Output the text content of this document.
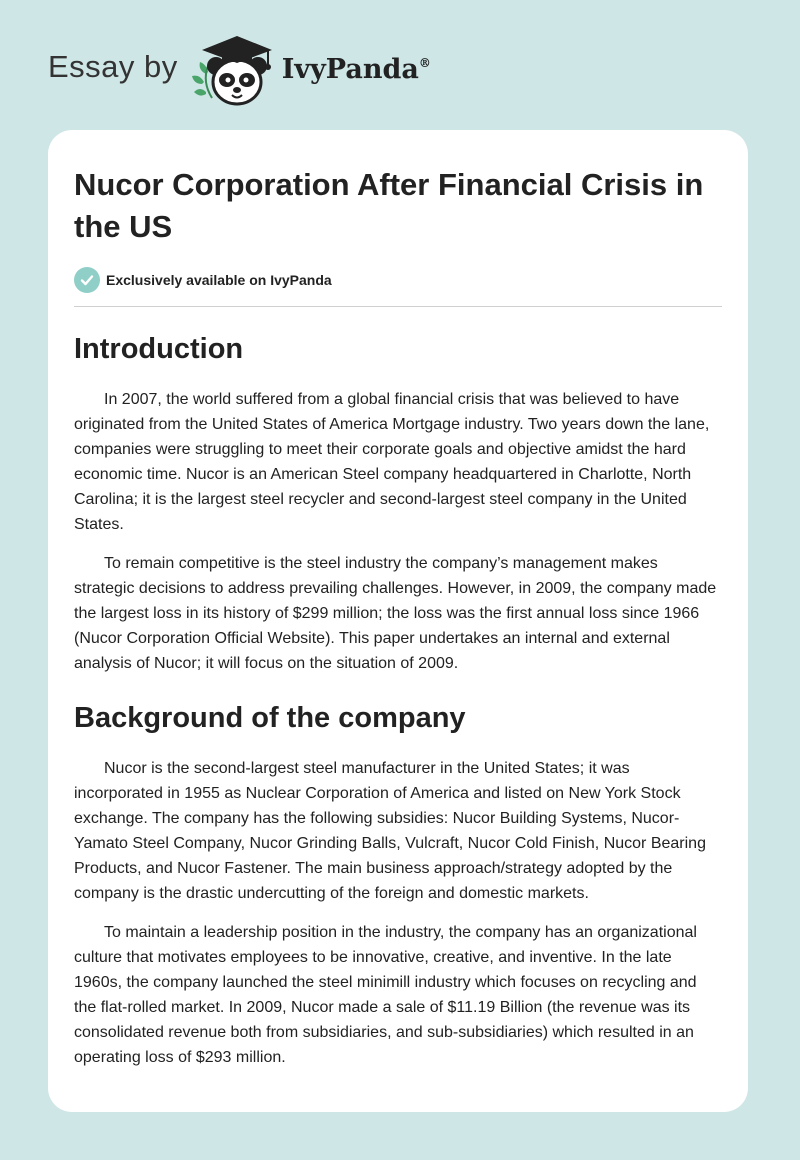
Essay by	IvyPanda®
Nucor Corporation After Financial Crisis in the US
Exclusively available on IvyPanda
Introduction

In 2007, the world suffered from a global financial crisis that was believed to have originated from the United States of America Mortgage industry. Two years down the lane, companies were struggling to meet their corporate goals and objective amidst the hard economic time. Nucor is an American Steel company headquartered in Charlotte, North Carolina; it is the largest steel recycler and second-largest steel company in the United States.

To remain competitive is the steel industry the company’s management makes strategic decisions to address prevailing challenges. However, in 2009, the company made the largest loss in its history of $299 million; the loss was the first annual loss since 1966 (Nucor Corporation Official Website). This paper undertakes an internal and external analysis of Nucor; it will focus on the situation of 2009.

Background of the company

Nucor is the second-largest steel manufacturer in the United States; it was incorporated in 1955 as Nuclear Corporation of America and listed on New York Stock exchange. The company has the following subsidies: Nucor Building Systems, Nucor-Yamato Steel Company, Nucor Grinding Balls, Vulcraft, Nucor Cold Finish, Nucor Bearing Products, and Nucor Fastener. The main business approach/strategy adopted by the company is the drastic undercutting of the foreign and domestic markets.

To maintain a leadership position in the industry, the company has an organizational culture that motivates employees to be innovative, creative, and inventive. In the late 1960s, the company launched the steel minimill industry which focuses on recycling and the flat-rolled market. In 2009, Nucor made a sale of $11.19 Billion (the revenue was its consolidated revenue both from subsidiaries, and sub-subsidiaries) which resulted in an operating loss of $293 million.
